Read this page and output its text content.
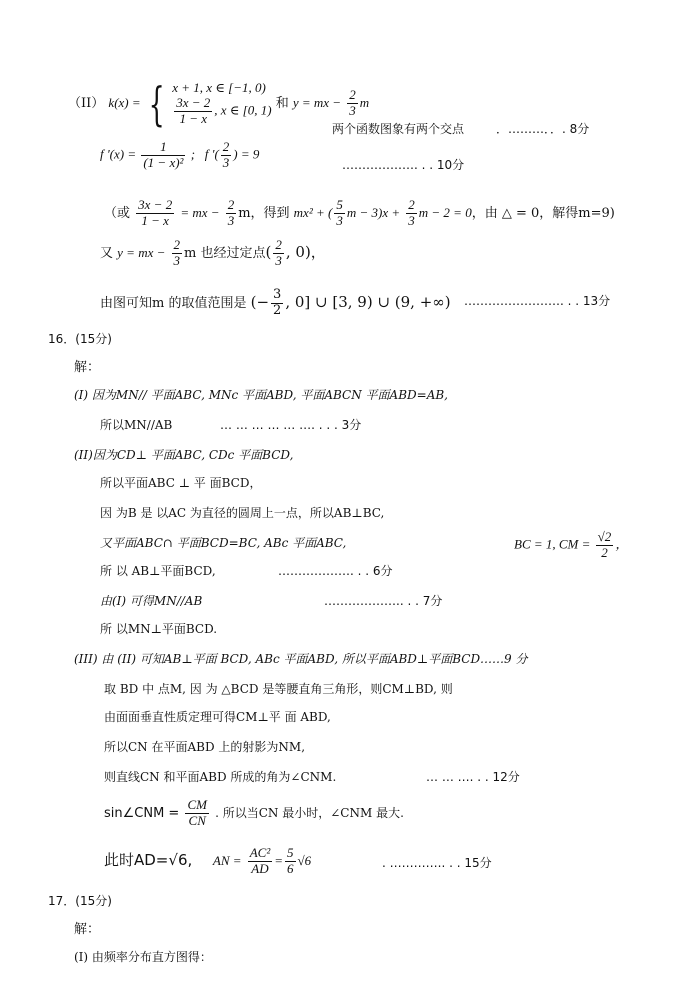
（II） k(x) = { x + 1, x ∈ [−1, 0)
$\frac{3x - 2}{1 - x}$ , x ∈ [0, 1) 和 y = mx − $\frac{2}{3}$ m
两个函数图象有两个交点	．………．．. 8分
f '$(x) = \frac{1}{\text{(1 − x)²}}$ ; f '( $\frac{2}{3}$ ) = 9
………………. . . 10分
（或 $\frac{3x - 2}{1 - x}$ = mx − $\frac{2}{3}$ m，得到 mx² + ( $\frac{5}{3}$ $m - 3)x + \frac{2}{3}$ m − 2 = 0，由 △ = 0，解得m=9)
又 y = mx − $\frac{2}{3}$ m 也经过定点( $\frac{2}{3}$ , 0)，
由图可知m 的取值范围是 (− $\frac{3}{2}$ , 0] ∪ [3, 9) ∪ (9, +∞) ……………………. . . 13分
16．(15分)
解：
(I) 因为MN// 平面ABC, MNc 平面ABD, 平面ABCN 平面ABD=AB,
所以MN//AB	… … … … … …. . . . 3分
(II)因为CD⊥ 平面ABC, CDc 平面BCD,
所以平面ABC ⊥ 平 面BCD，
因 为B 是 以AC 为直径的圆周上一点，所以AB⊥BC,
又平面ABC∩ 平面BCD=BC, ABc 平面ABC,	BC = 1, CM = $\frac{√2}{2}$ ，
所 以 AB⊥平面BCD,	………………. . . 6分
由(I) 可得MN//AB	……………….. . . 7分
所 以MN⊥平面BCD.
(III) 由 (II) 可知AB⊥平面 BCD, ABc 平面ABD, 所以平面ABD⊥平面BCD……9 分
取 BD 中 点M, 因 为 △BCD 是等腰直角三角形，则CM⊥BD, 则
由面面垂直性质定理可得CM⊥平 面 ABD,
所以CN 在平面ABD 上的射影为NM,
则直线CN 和平面ABD 所成的角为∠CNM.	… … …. . . 12分
sin∠CNM = $\frac{CM}{CN}$ . 所以当CN 最小时，∠CNM 最大.
此时AD=√6, AN = $\frac{\text{AC²}}{AD} = \frac{5}{6} √6$	. ………….. . . 15分
17．(15分)
解：
(I) 由频率分布直方图得：
